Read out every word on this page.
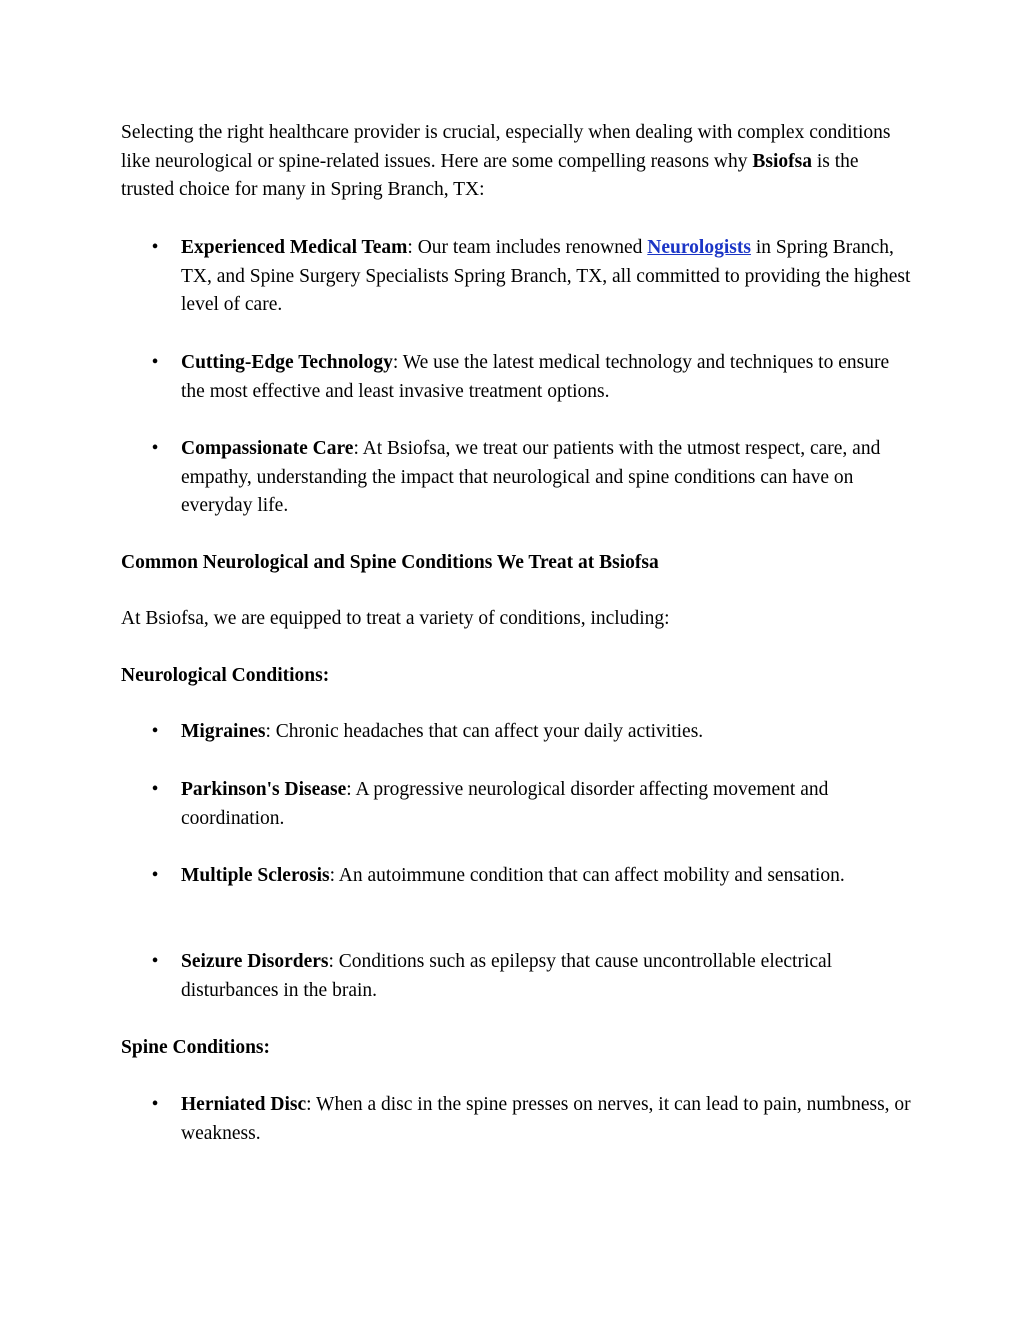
Selecting the right healthcare provider is crucial, especially when dealing with complex conditions like neurological or spine-related issues. Here are some compelling reasons why Bsiofsa is the trusted choice for many in Spring Branch, TX:

• Experienced Medical Team: Our team includes renowned Neurologists in Spring Branch, TX, and Spine Surgery Specialists Spring Branch, TX, all committed to providing the highest level of care.

• Cutting-Edge Technology: We use the latest medical technology and techniques to ensure the most effective and least invasive treatment options.

• Compassionate Care: At Bsiofsa, we treat our patients with the utmost respect, care, and empathy, understanding the impact that neurological and spine conditions can have on everyday life.

Common Neurological and Spine Conditions We Treat at Bsiofsa

At Bsiofsa, we are equipped to treat a variety of conditions, including:

Neurological Conditions:

• Migraines: Chronic headaches that can affect your daily activities.

• Parkinson's Disease: A progressive neurological disorder affecting movement and coordination.

• Multiple Sclerosis: An autoimmune condition that can affect mobility and sensation.

• Seizure Disorders: Conditions such as epilepsy that cause uncontrollable electrical disturbances in the brain.

Spine Conditions:

• Herniated Disc: When a disc in the spine presses on nerves, it can lead to pain, numbness, or weakness.
